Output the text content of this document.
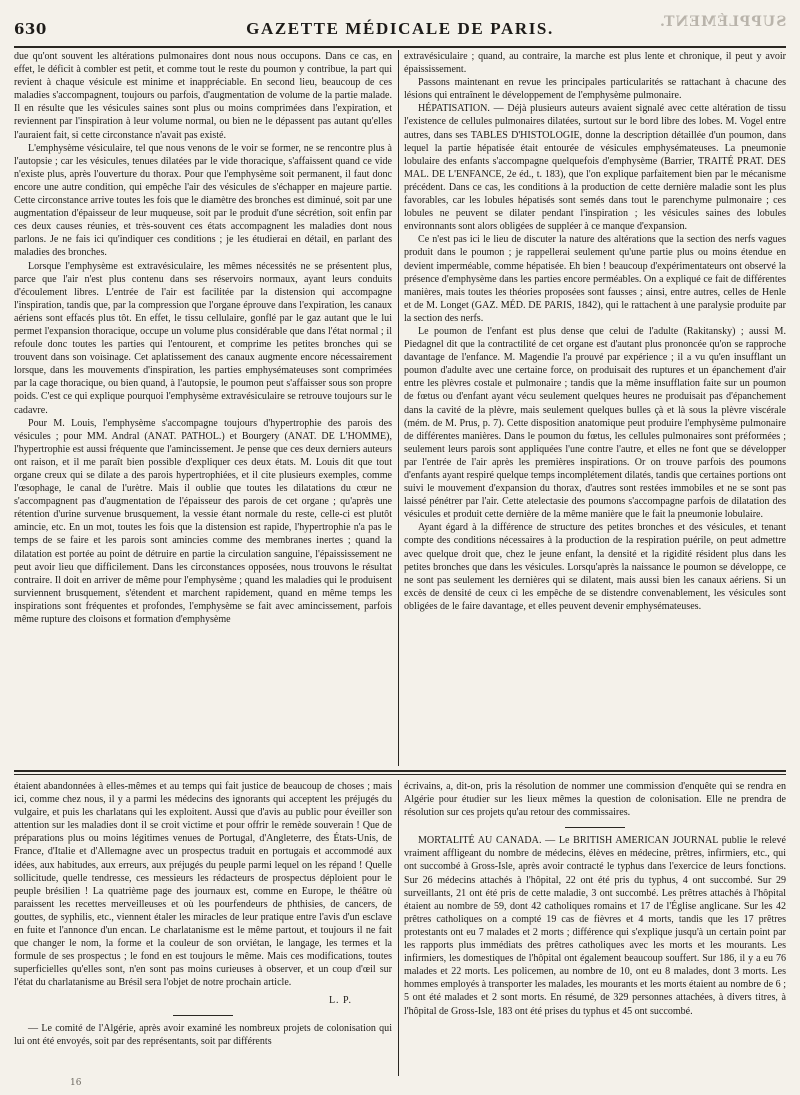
630	GAZETTE MÉDICALE DE PARIS.	SUPPLÉMENT.

due qu'ont souvent les altérations pulmonaires dont nous nous occupons. Dans ce cas, en effet, le déficit à combler est petit, et comme tout le reste du poumon y contribue, la part qui revient à chaque vésicule est minime et inappréciable. En second lieu, beaucoup de ces maladies s'accompagnent, toujours ou parfois, d'augmentation de volume de la partie malade. Il en résulte que les vésicules saines sont plus ou moins comprimées dans l'expiration, et reviennent par l'inspiration à leur volume normal, ou bien ne le dépassent pas autant qu'elles l'auraient fait, si cette circonstance n'avait pas existé.

L'emphysème vésiculaire, tel que nous venons de le voir se former, ne se rencontre plus à l'autopsie ; car les vésicules, tenues dilatées par le vide thoracique, s'affaissent quand ce vide n'existe plus, après l'ouverture du thorax. Pour que l'emphysème soit permanent, il faut donc encore une autre condition, qui empêche l'air des vésicules de s'échapper en majeure partie. Cette circonstance arrive toutes les fois que le diamètre des bronches est diminué, soit par une augmentation d'épaisseur de leur muqueuse, soit par le produit d'une sécrétion, soit enfin par ces deux causes réunies, et très-souvent ces états accompagnent les maladies dont nous parlons. Je ne fais ici qu'indiquer ces conditions ; je les étudierai en détail, en parlant des maladies des bronches.

Lorsque l'emphysème est extravésiculaire, les mêmes nécessités ne se présentent plus, parce que l'air n'est plus contenu dans ses réservoirs normaux, ayant leurs conduits d'écoulement libres. L'entrée de l'air est facilitée par la distension qui accompagne l'inspiration, tandis que, par la compression que l'organe éprouve dans l'expiration, les canaux aériens sont effacés plus tôt. En effet, le tissu cellulaire, gonflé par le gaz autant que le lui permet l'expansion thoracique, occupe un volume plus considérable que dans l'état normal ; il refoule donc toutes les parties qui l'entourent, et comprime les petites bronches qui se trouvent dans son voisinage. Cet aplatissement des canaux augmente encore nécessairement lorsque, dans les mouvements d'inspiration, les parties emphysémateuses sont comprimées par la cage thoracique, ou bien quand, à l'autopsie, le poumon peut s'affaisser sous son propre poids. C'est ce qui explique pourquoi l'emphysème extravésiculaire se retrouve toujours sur le cadavre.

Pour M. Louis, l'emphysème s'accompagne toujours d'hypertrophie des parois des vésicules ; pour MM. Andral (ANAT. PATHOL.) et Bourgery (ANAT. DE L'HOMME), l'hypertrophie est aussi fréquente que l'amincissement. Je pense que ces deux derniers auteurs ont raison, et il me paraît bien possible d'expliquer ces deux états. M. Louis dit que tout organe creux qui se dilate a des parois hypertrophiées, et il cite plusieurs exemples, comme l'œsophage, le canal de l'urètre. Mais il oublie que toutes les dilatations du cœur ne s'accompagnent pas d'augmentation de l'épaisseur des parois de cet organe ; qu'après une rétention d'urine survenue brusquement, la vessie étant normale du reste, celle-ci est plutôt amincie, etc. En un mot, toutes les fois que la distension est rapide, l'hypertrophie n'a pas le temps de se faire et les parois sont amincies comme des membranes inertes ; quand la dilatation est portée au point de détruire en partie la circulation sanguine, l'épaississement ne peut avoir lieu que difficilement. Dans les circonstances opposées, nous trouvons le résultat contraire. Il doit en arriver de même pour l'emphysème ; quand les maladies qui le produisent surviennent brusquement, s'étendent et marchent rapidement, quand en même temps les inspirations sont fréquentes et profondes, l'emphysème se fait avec amincissement, parfois même rupture des cloisons et formation d'emphysème

extravésiculaire ; quand, au contraire, la marche est plus lente et chronique, il peut y avoir épaississement.

Passons maintenant en revue les principales particularités se rattachant à chacune des lésions qui entraînent le développement de l'emphysème pulmonaire.

HÉPATISATION. — Déjà plusieurs auteurs avaient signalé avec cette altération de tissu l'existence de cellules pulmonaires dilatées, surtout sur le bord libre des lobes. M. Vogel entre autres, dans ses TABLES D'HISTOLOGIE, donne la description détaillée d'un poumon, dans lequel la partie hépatisée était entourée de vésicules emphysémateuses. La pneumonie lobulaire des enfants s'accompagne quelquefois d'emphysème (Barrier, TRAITÉ PRAT. DES MAL. DE L'ENFANCE, 2e éd., t. 183), que l'on explique parfaitement bien par le mécanisme précédent. Dans ce cas, les conditions à la production de cette dernière maladie sont les plus favorables, car les lobules hépatisés sont semés dans tout le parenchyme pulmonaire ; ces lobules ne peuvent se dilater pendant l'inspiration ; les vésicules saines des lobules environnants sont alors obligées de suppléer à ce manque d'expansion.

Ce n'est pas ici le lieu de discuter la nature des altérations que la section des nerfs vagues produit dans le poumon ; je rappellerai seulement qu'une partie plus ou moins étendue en devient imperméable, comme hépatisée. Eh bien ! beaucoup d'expérimentateurs ont observé la présence d'emphysème dans les parties encore perméables. On a expliqué ce fait de différentes manières, mais toutes les théories proposées sont fausses ; ainsi, entre autres, celles de Henle et de M. Longet (GAZ. MÉD. DE PARIS, 1842), qui le rattachent à une paralysie produite par la section des nerfs.

Le poumon de l'enfant est plus dense que celui de l'adulte (Rakitansky) ; aussi M. Piedagnel dit que la contractilité de cet organe est d'autant plus prononcée qu'on se rapproche davantage de l'enfance. M. Magendie l'a prouvé par expérience ; il a vu qu'en insufflant un poumon d'adulte avec une certaine force, on produisait des ruptures et un épanchement d'air entre les plèvres costale et pulmonaire ; tandis que la même insufflation faite sur un poumon de fœtus ou d'enfant ayant vécu seulement quelques heures ne produisait pas d'épanchement dans la cavité de la plèvre, mais seulement quelques bulles çà et là sous la plèvre viscérale (mém. de M. Prus, p. 7). Cette disposition anatomique peut produire l'emphysème pulmonaire de différentes manières. Dans le poumon du fœtus, les cellules pulmonaires sont préformées ; seulement leurs parois sont appliquées l'une contre l'autre, et elles ne font que se développer par l'entrée de l'air après les premières inspirations. Or on trouve parfois des poumons d'enfants ayant respiré quelque temps incomplétement dilatés, tandis que certaines portions ont suivi le mouvement d'expansion du thorax, d'autres sont restées immobiles et ne se sont pas laissé pénétrer par l'air. Cette atelectasie des poumons s'accompagne parfois de dilatation des vésicules et produit cette dernière de la même manière que le fait la pneumonie lobulaire.

Ayant égard à la différence de structure des petites bronches et des vésicules, et tenant compte des conditions nécessaires à la production de la respiration puérile, on peut admettre avec quelque droit que, chez le jeune enfant, la densité et la rigidité résident plus dans les petites bronches que dans les vésicules. Lorsqu'après la naissance le poumon se développe, ce ne sont pas seulement les dernières qui se dilatent, mais aussi bien les canaux aériens. Si un excès de densité de ceux ci les empêche de se distendre convenablement, les vésicules sont obligées de le faire davantage, et elles peuvent devenir emphysémateuses.

étaient abandonnées à elles-mêmes et au temps qui fait justice de beaucoup de choses ; mais ici, comme chez nous, il y a parmi les médecins des ignorants qui acceptent les préjugés du vulgaire, et puis les charlatans qui les exploitent. Aussi que d'avis au public pour éveiller son attention sur les maladies dont il se croit victime et pour offrir le remède souverain ! Que de préparations plus ou moins légitimes venues de Portugal, d'Angleterre, des États-Unis, de France, d'Italie et d'Allemagne avec un prospectus traduit en portugais et accommodé aux idées, aux habitudes, aux erreurs, aux préjugés du peuple parmi lequel on les répand ! Quelle sollicitude, quelle tendresse, ces messieurs les rédacteurs de prospectus déploient pour le peuple brésilien ! La quatrième page des journaux est, comme en Europe, le théâtre où paraissent les recettes merveilleuses et où les pourfendeurs de phthisies, de cancers, de gouttes, de syphilis, etc., viennent étaler les miracles de leur pratique entre l'avis d'un esclave en fuite et l'annonce d'un encan. Le charlatanisme est le même partout, et toujours il ne fait que changer le nom, la forme et la couleur de son orviétan, le langage, les termes et la formule de ses prospectus ; le fond en est toujours le même. Mais ces modifications, toutes superficielles qu'elles sont, n'en sont pas moins curieuses à observer, et un coup d'œil sur l'état du charlatanisme au Brésil sera l'objet de notre prochain article.

L. P.

— Le comité de l'Algérie, après avoir examiné les nombreux projets de colonisation qui lui ont été envoyés, soit par des représentants, soit par différents

écrivains, a, dit-on, pris la résolution de nommer une commission d'enquête qui se rendra en Algérie pour étudier sur les lieux mêmes la question de colonisation. Elle ne prendra de résolution sur ces projets qu'au retour des commissaires.

MORTALITÉ AU CANADA. — Le BRITISH AMERICAN JOURNAL publie le relevé vraiment affligeant du nombre de médecins, élèves en médecine, prêtres, infirmiers, etc., qui ont succombé à Gross-Isle, après avoir contracté le typhus dans l'exercice de leurs fonctions. Sur 26 médecins attachés à l'hôpital, 22 ont été pris du typhus, 4 ont succombé. Sur 29 surveillants, 21 ont été pris de cette maladie, 3 ont succombé. Les prêtres attachés à l'hôpital étaient au nombre de 59, dont 42 catholiques romains et 17 de l'Église anglicane. Sur les 42 prêtres catholiques on a compté 19 cas de fièvres et 4 morts, tandis que les 17 prêtres protestants ont eu 7 malades et 2 morts ; différence qui s'explique jusqu'à un certain point par les rapports plus immédiats des prêtres catholiques avec les morts et les mourants. Les infirmiers, les domestiques de l'hôpital ont également beaucoup souffert. Sur 186, il y a eu 76 malades et 22 morts. Les policemen, au nombre de 10, ont eu 8 malades, dont 3 morts. Les hommes employés à transporter les malades, les mourants et les morts étaient au nombre de 6 ; 5 ont été malades et 2 sont morts. En résumé, de 329 personnes attachées, à divers titres, à l'hôpital de Gross-Isle, 183 ont été prises du typhus et 45 ont succombé.

16
